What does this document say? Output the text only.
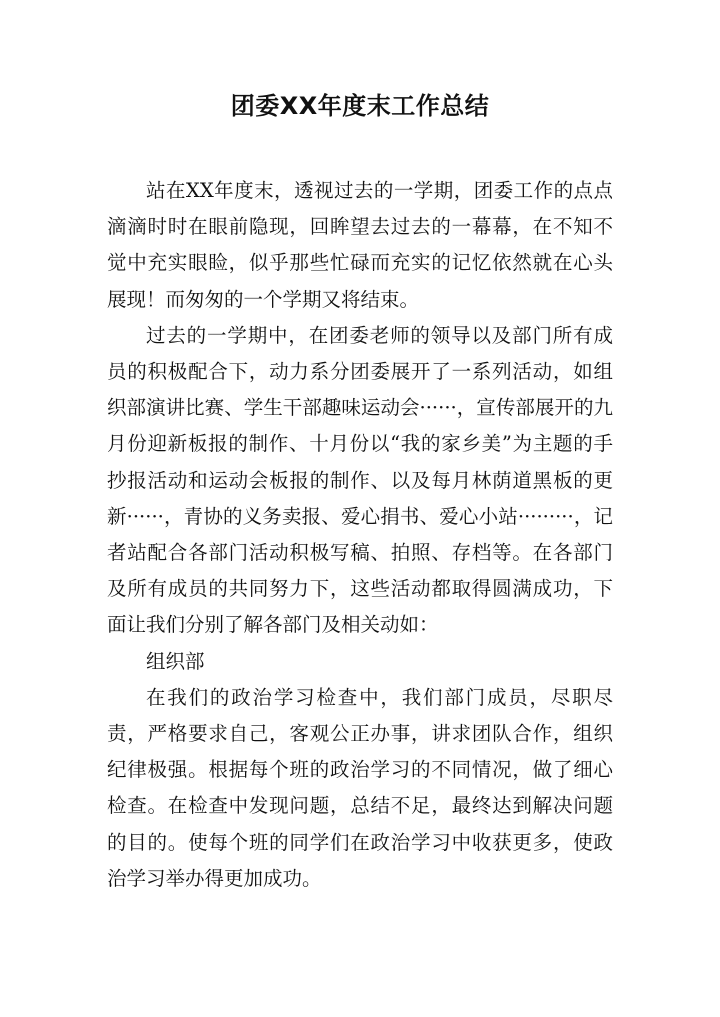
团委XX年度末工作总结

站在XX年度末，透视过去的一学期，团委工作的点点滴滴时时在眼前隐现，回眸望去过去的一幕幕，在不知不觉中充实眼睑，似乎那些忙碌而充实的记忆依然就在心头展现！而匆匆的一个学期又将结束。

过去的一学期中，在团委老师的领导以及部门所有成员的积极配合下，动力系分团委展开了一系列活动，如组织部演讲比赛、学生干部趣味运动会······，宣传部展开的九月份迎新板报的制作、十月份以“我的家乡美”为主题的手抄报活动和运动会板报的制作、以及每月林荫道黑板的更新······，青协的义务卖报、爱心捐书、爱心小站·········，记者站配合各部门活动积极写稿、拍照、存档等。在各部门及所有成员的共同努力下，这些活动都取得圆满成功，下面让我们分别了解各部门及相关动如：

组织部

在我们的政治学习检查中，我们部门成员，尽职尽责，严格要求自己，客观公正办事，讲求团队合作，组织纪律极强。根据每个班的政治学习的不同情况，做了细心检查。在检查中发现问题，总结不足，最终达到解决问题的目的。使每个班的同学们在政治学习中收获更多，使政治学习举办得更加成功。
